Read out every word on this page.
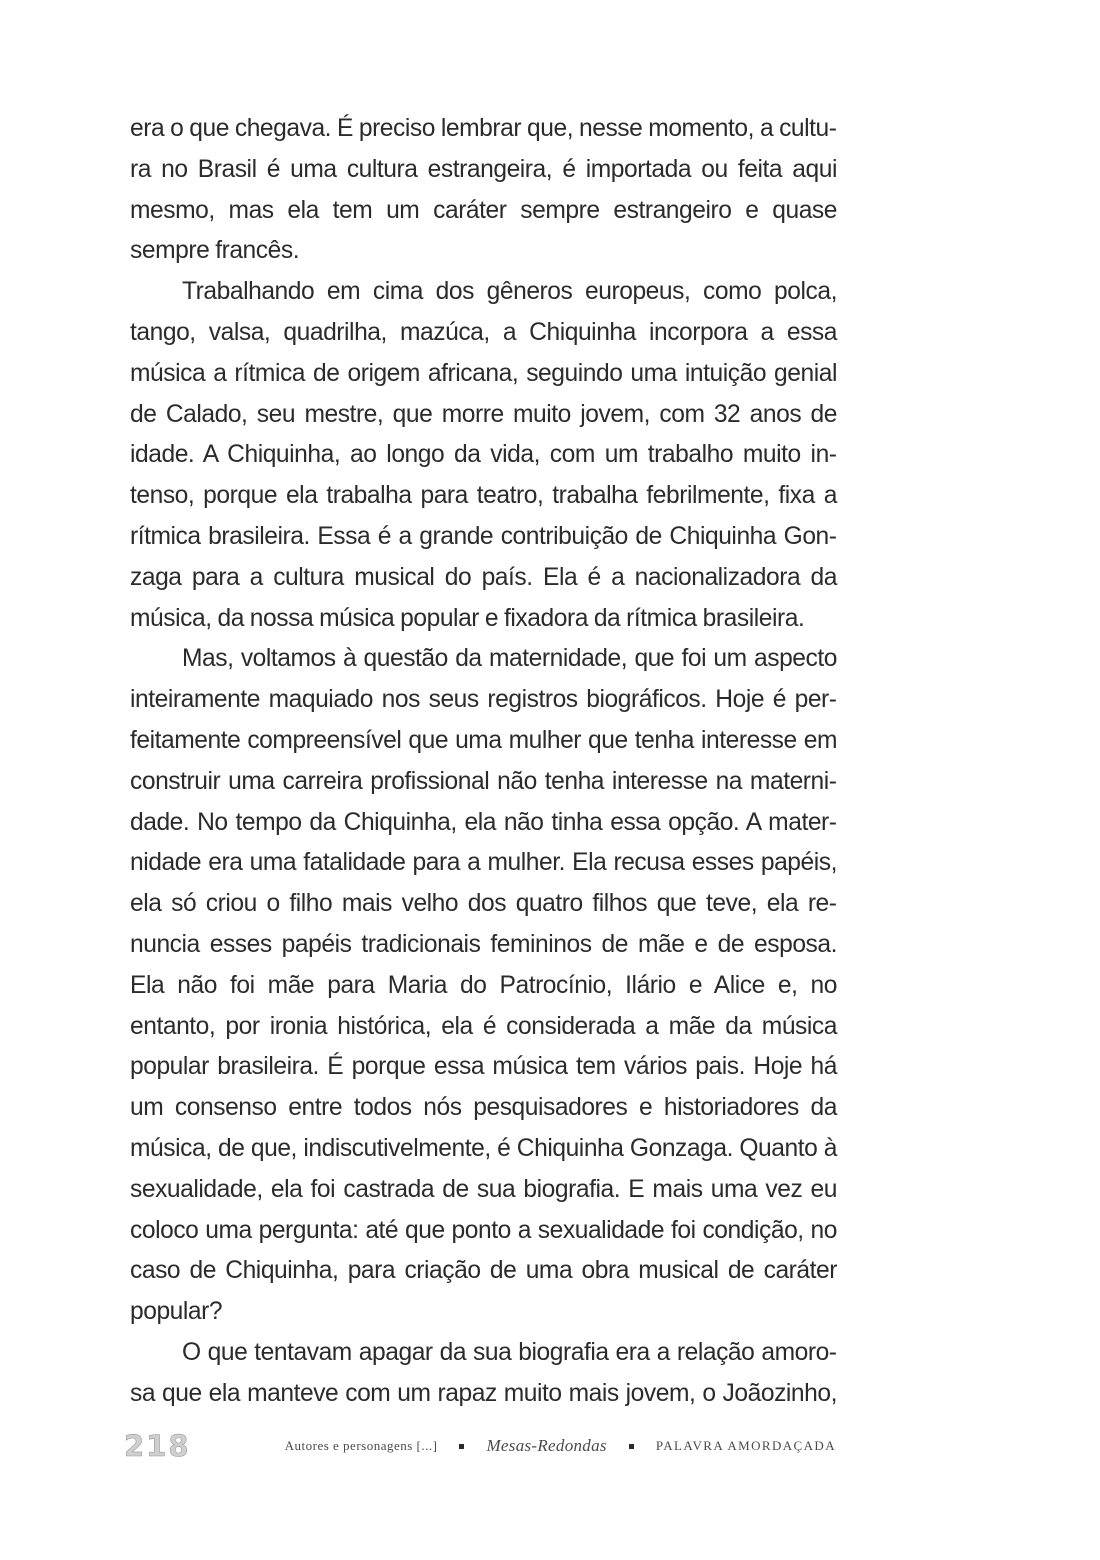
era o que chegava. É preciso lembrar que, nesse momento, a cultura no Brasil é uma cultura estrangeira, é importada ou feita aqui mesmo, mas ela tem um caráter sempre estrangeiro e quase sempre francês.

Trabalhando em cima dos gêneros europeus, como polca, tango, valsa, quadrilha, mazúca, a Chiquinha incorpora a essa música a rítmica de origem africana, seguindo uma intuição genial de Calado, seu mestre, que morre muito jovem, com 32 anos de idade. A Chiquinha, ao longo da vida, com um trabalho muito intenso, porque ela trabalha para teatro, trabalha febrilmente, fixa a rítmica brasileira. Essa é a grande contribuição de Chiquinha Gonzaga para a cultura musical do país. Ela é a nacionalizadora da música, da nossa música popular e fixadora da rítmica brasileira.

Mas, voltamos à questão da maternidade, que foi um aspecto inteiramente maquiado nos seus registros biográficos. Hoje é perfeitamente compreensível que uma mulher que tenha interesse em construir uma carreira profissional não tenha interesse na maternidade. No tempo da Chiquinha, ela não tinha essa opção. A maternidade era uma fatalidade para a mulher. Ela recusa esses papéis, ela só criou o filho mais velho dos quatro filhos que teve, ela renuncia esses papéis tradicionais femininos de mãe e de esposa. Ela não foi mãe para Maria do Patrocínio, Ilário e Alice e, no entanto, por ironia histórica, ela é considerada a mãe da música popular brasileira. É porque essa música tem vários pais. Hoje há um consenso entre todos nós pesquisadores e historiadores da música, de que, indiscutivelmente, é Chiquinha Gonzaga. Quanto à sexualidade, ela foi castrada de sua biografia. E mais uma vez eu coloco uma pergunta: até que ponto a sexualidade foi condição, no caso de Chiquinha, para criação de uma obra musical de caráter popular?

O que tentavam apagar da sua biografia era a relação amorosa que ela manteve com um rapaz muito mais jovem, o Joãozinho,

218	Autores e personagens [...]	Mesas-Redondas	PALAVRA AMORDAÇADA
